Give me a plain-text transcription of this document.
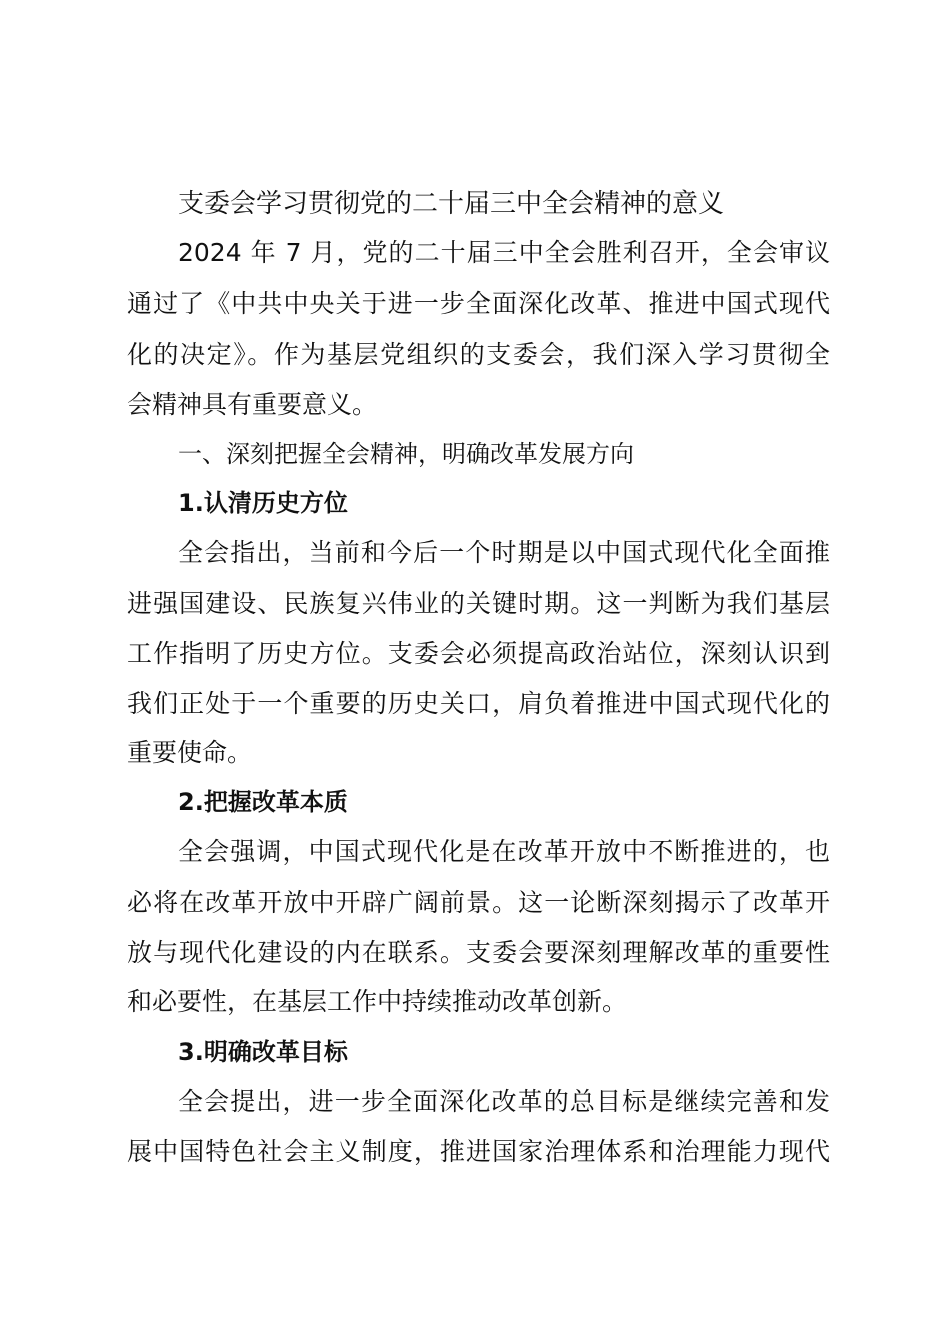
支委会学习贯彻党的二十届三中全会精神的意义
2024 年 7 月，党的二十届三中全会胜利召开，全会审议
通过了《中共中央关于进一步全面深化改革、推进中国式现代
化的决定》。作为基层党组织的支委会，我们深入学习贯彻全
会精神具有重要意义。
一、深刻把握全会精神，明确改革发展方向
1.认清历史方位
全会指出，当前和今后一个时期是以中国式现代化全面推
进强国建设、民族复兴伟业的关键时期。这一判断为我们基层
工作指明了历史方位。支委会必须提高政治站位，深刻认识到
我们正处于一个重要的历史关口，肩负着推进中国式现代化的
重要使命。
2.把握改革本质
全会强调，中国式现代化是在改革开放中不断推进的，也
必将在改革开放中开辟广阔前景。这一论断深刻揭示了改革开
放与现代化建设的内在联系。支委会要深刻理解改革的重要性
和必要性，在基层工作中持续推动改革创新。
3.明确改革目标
全会提出，进一步全面深化改革的总目标是继续完善和发
展中国特色社会主义制度，推进国家治理体系和治理能力现代
